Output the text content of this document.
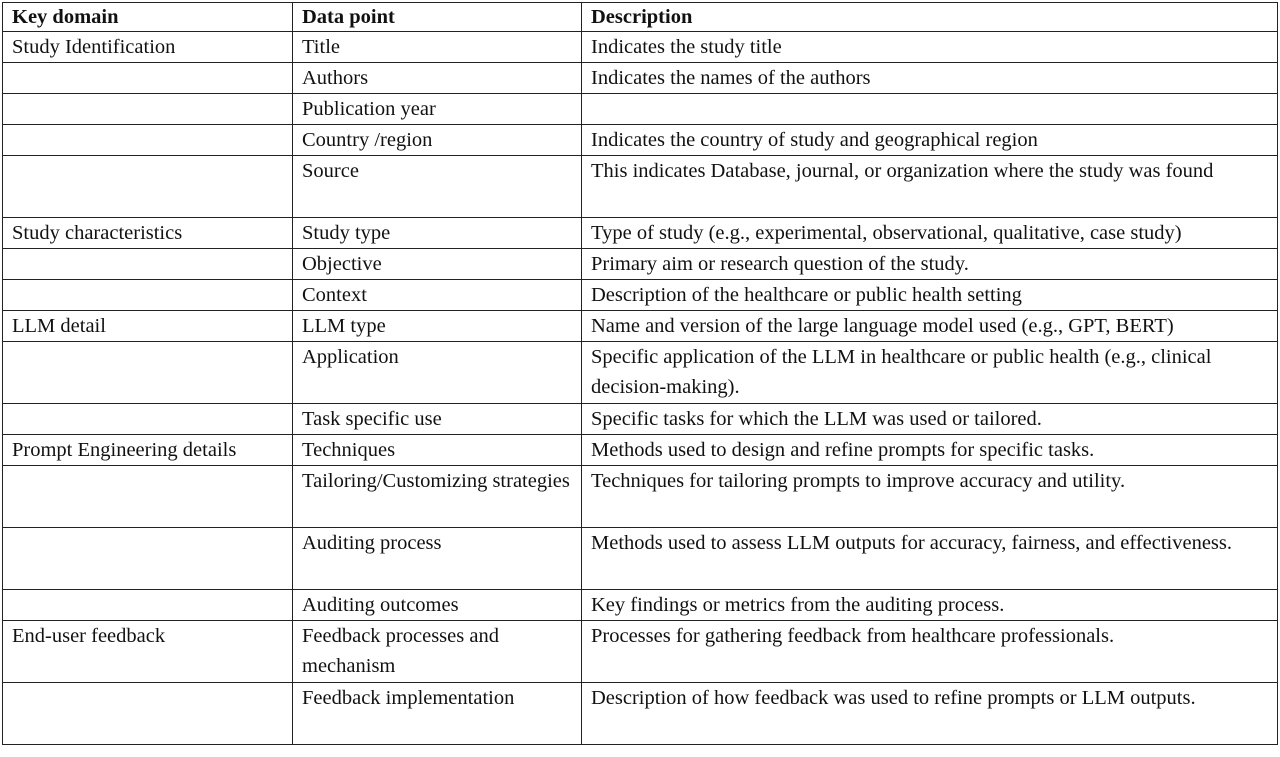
Key domain	Data point	Description
Study Identification	Title	Indicates the study title
	Authors	Indicates the names of the authors
	Publication year	
	Country /region	Indicates the country of study and geographical region
	Source	This indicates Database, journal, or organization where the study was found
Study characteristics	Study type	Type of study (e.g., experimental, observational, qualitative, case study)
	Objective	Primary aim or research question of the study.
	Context	Description of the healthcare or public health setting
LLM detail	LLM type	Name and version of the large language model used (e.g., GPT, BERT)
	Application	Specific application of the LLM in healthcare or public health (e.g., clinical decision-making).
	Task specific use	Specific tasks for which the LLM was used or tailored.
Prompt Engineering details	Techniques	Methods used to design and refine prompts for specific tasks.
	Tailoring/Customizing strategies	Techniques for tailoring prompts to improve accuracy and utility.
	Auditing process	Methods used to assess LLM outputs for accuracy, fairness, and effectiveness.
	Auditing outcomes	Key findings or metrics from the auditing process.
End-user feedback	Feedback processes and mechanism	Processes for gathering feedback from healthcare professionals.
	Feedback implementation	Description of how feedback was used to refine prompts or LLM outputs.
